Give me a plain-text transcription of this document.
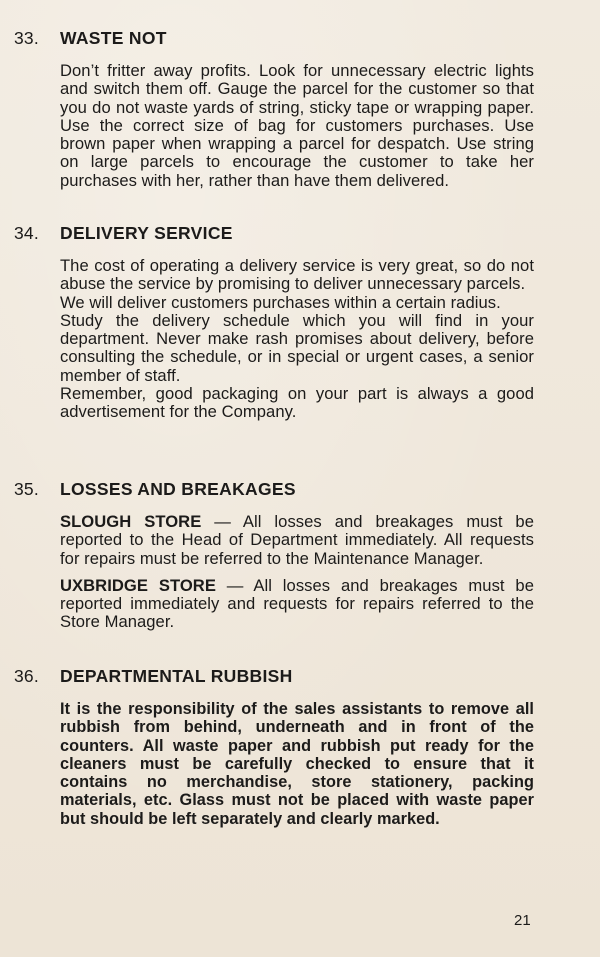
33. WASTE NOT

Don’t fritter away profits. Look for unnecessary electric lights and switch them off. Gauge the parcel for the customer so that you do not waste yards of string, sticky tape or wrapping paper. Use the correct size of bag for customers purchases. Use brown paper when wrapping a parcel for despatch. Use string on large parcels to encourage the customer to take her purchases with her, rather than have them delivered.

34. DELIVERY SERVICE

The cost of operating a delivery service is very great, so do not abuse the service by promising to deliver unnecessary parcels.

We will deliver customers purchases within a certain radius.

Study the delivery schedule which you will find in your department. Never make rash promises about delivery, before consulting the schedule, or in special or urgent cases, a senior member of staff.

Remember, good packaging on your part is always a good advertisement for the Company.

35. LOSSES AND BREAKAGES

SLOUGH STORE — All losses and breakages must be reported to the Head of Department immediately. All requests for repairs must be referred to the Maintenance Manager.

UXBRIDGE STORE — All losses and breakages must be reported immediately and requests for repairs referred to the Store Manager.

36. DEPARTMENTAL RUBBISH

It is the responsibility of the sales assistants to remove all rubbish from behind, underneath and in front of the counters. All waste paper and rubbish put ready for the cleaners must be carefully checked to ensure that it contains no merchandise, store stationery, packing materials, etc. Glass must not be placed with waste paper but should be left separately and clearly marked.

21
